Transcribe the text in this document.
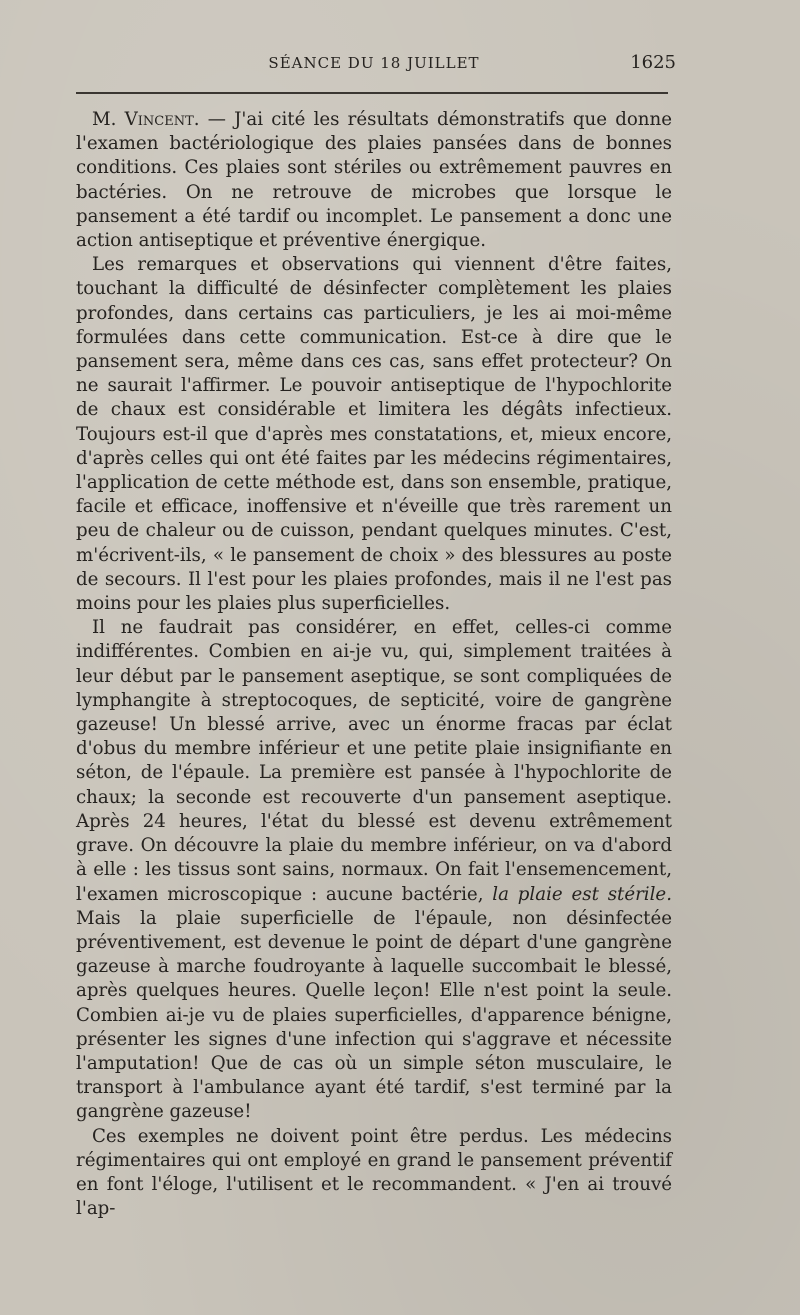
SÉANCE DU 18 JUILLET	1625

M. Vincent. — J'ai cité les résultats démonstratifs que donne l'examen bactériologique des plaies pansées dans de bonnes conditions. Ces plaies sont stériles ou extrêmement pauvres en bactéries. On ne retrouve de microbes que lorsque le pansement a été tardif ou incomplet. Le pansement a donc une action antiseptique et préventive énergique.

Les remarques et observations qui viennent d'être faites, touchant la difficulté de désinfecter complètement les plaies profondes, dans certains cas particuliers, je les ai moi-même formulées dans cette communication. Est-ce à dire que le pansement sera, même dans ces cas, sans effet protecteur? On ne saurait l'affirmer. Le pouvoir antiseptique de l'hypochlorite de chaux est considérable et limitera les dégâts infectieux. Toujours est-il que d'après mes constatations, et, mieux encore, d'après celles qui ont été faites par les médecins régimentaires, l'application de cette méthode est, dans son ensemble, pratique, facile et efficace, inoffensive et n'éveille que très rarement un peu de chaleur ou de cuisson, pendant quelques minutes. C'est, m'écrivent-ils, « le pansement de choix » des blessures au poste de secours. Il l'est pour les plaies profondes, mais il ne l'est pas moins pour les plaies plus superficielles.

Il ne faudrait pas considérer, en effet, celles-ci comme indifférentes. Combien en ai-je vu, qui, simplement traitées à leur début par le pansement aseptique, se sont compliquées de lymphangite à streptocoques, de septicité, voire de gangrène gazeuse! Un blessé arrive, avec un énorme fracas par éclat d'obus du membre inférieur et une petite plaie insignifiante en séton, de l'épaule. La première est pansée à l'hypochlorite de chaux; la seconde est recouverte d'un pansement aseptique. Après 24 heures, l'état du blessé est devenu extrêmement grave. On découvre la plaie du membre inférieur, on va d'abord à elle : les tissus sont sains, normaux. On fait l'ensemencement, l'examen microscopique : aucune bactérie, la plaie est stérile. Mais la plaie superficielle de l'épaule, non désinfectée préventivement, est devenue le point de départ d'une gangrène gazeuse à marche foudroyante à laquelle succombait le blessé, après quelques heures. Quelle leçon! Elle n'est point la seule. Combien ai-je vu de plaies superficielles, d'apparence bénigne, présenter les signes d'une infection qui s'aggrave et nécessite l'amputation! Que de cas où un simple séton musculaire, le transport à l'ambulance ayant été tardif, s'est terminé par la gangrène gazeuse!

Ces exemples ne doivent point être perdus. Les médecins régimentaires qui ont employé en grand le pansement préventif en font l'éloge, l'utilisent et le recommandent. « J'en ai trouvé l'ap-
